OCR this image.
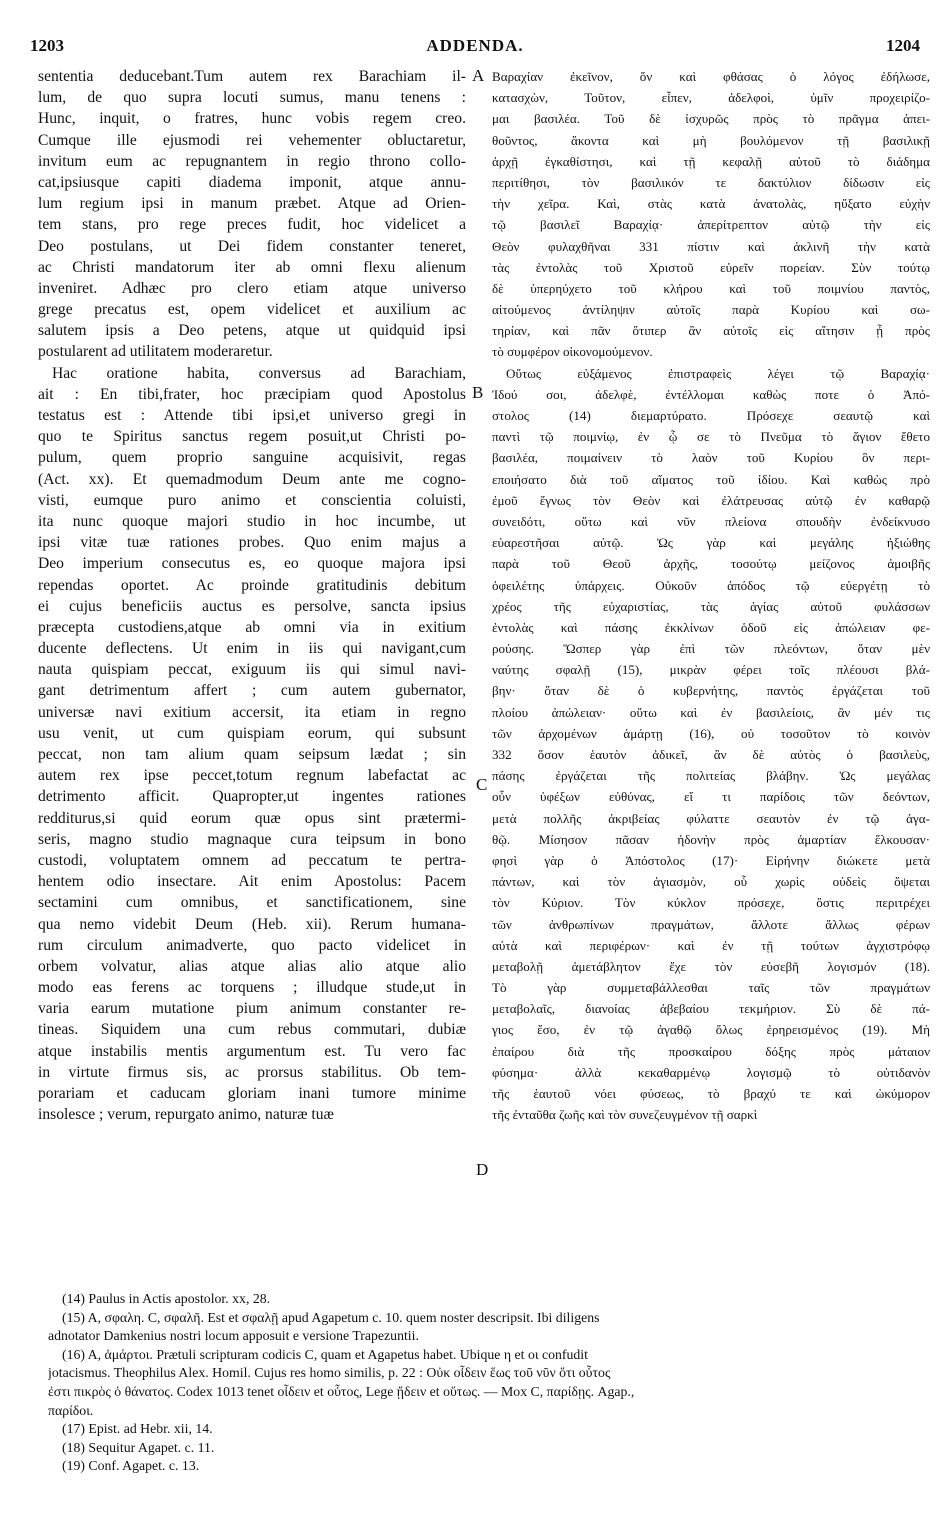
1203	ADDENDA.	1204
sententia deducebant.Tum autem rex Barachiam il-
lum, de quo supra locuti sumus, manu tenens :
Hunc, inquit, o fratres, hunc vobis regem creo.
Cumque ille ejusmodi rei vehementer obluctaretur,
invitum eum ac repugnantem in regio throno collo-
cat,ipsiusque capiti diadema imponit, atque annu-
lum regium ipsi in manum præbet. Atque ad Orien-
tem stans, pro rege preces fudit, hoc videlicet a
Deo postulans, ut Dei fidem constanter teneret,
ac Christi mandatorum iter ab omni flexu alienum
inveniret. Adhæc pro clero etiam atque universo
grege precatus est, opem videlicet et auxilium ac
salutem ipsis a Deo petens, atque ut quidquid ipsi
postularent ad utilitatem moderaretur.
Hac oratione habita, conversus ad Barachiam,
ait : En tibi,frater, hoc præcipiam quod Apostolus
testatus est : Attende tibi ipsi,et universo gregi in
quo te Spiritus sanctus regem posuit,ut Christi po-
pulum, quem proprio sanguine acquisivit, regas
(Act. xx). Et quemadmodum Deum ante me cogno-
visti, eumque puro animo et conscientia coluisti,
ita nunc quoque majori studio in hoc incumbe, ut
ipsi vitæ tuæ rationes probes. Quo enim majus a
Deo imperium consecutus es, eo quoque majora ipsi
rependas oportet. Ac proinde gratitudinis debitum
ei cujus beneficiis auctus es persolve, sancta ipsius
præcepta custodiens,atque ab omni via in exitium
ducente deflectens. Ut enim in iis qui navigant,cum
nauta quispiam peccat, exiguum iis qui simul navi-
gant detrimentum affert ; cum autem gubernator,
universæ navi exitium accersit, ita etiam in regno
usu venit, ut cum quispiam eorum, qui subsunt
peccat, non tam alium quam seipsum lædat ; sin
autem rex ipse peccet,totum regnum labefactat ac
detrimento afficit. Quapropter,ut ingentes rationes
redditurus,si quid eorum quæ opus sint prætermi-
seris, magno studio magnaque cura teipsum in bono
custodi, voluptatem omnem ad peccatum te pertra-
hentem odio insectare. Ait enim Apostolus: Pacem
sectamini cum omnibus, et sanctificationem, sine
qua nemo videbit Deum (Heb. xii). Rerum humana-
rum circulum animadverte, quo pacto videlicet in
orbem volvatur, alias atque alias alio atque alio
modo eas ferens ac torquens ; illudque stude,ut in
varia earum mutatione pium animum constanter re-
tineas. Siquidem una cum rebus commutari, dubiæ
atque instabilis mentis argumentum est. Tu vero fac
in virtute firmus sis, ac prorsus stabilitus. Ob tem-
porariam et caducam gloriam inani tumore minime
insolesce ; verum, repurgato animo, naturæ tuæ
Βαραχίαν ἐκεῖνον, ὅν καὶ φθάσας ὁ λόγος ἐδήλωσε,
κατασχὼν, Τοῦτον, εἶπεν, ἀδελφοὶ, ὑμῖν προχειρίζο-
μαι βασιλέα. Τοῦ δὲ ἰσχυρῶς πρὸς τὸ πρᾶγμα ἀπει-
θοῦντος, ἄκοντα καὶ μὴ βουλόμενον τῇ βασιλικῇ
ἀρχῇ ἐγκαθίστησι, καὶ τῇ κεφαλῇ αὐτοῦ τὸ διάδημα
περιτίθησι, τὸν βασιλικόν τε δακτύλιον δίδωσιν εἰς
τὴν χεῖρα. Καὶ, στὰς κατὰ ἀνατολὰς, ηὔξατο εὐχὴν
τῷ βασιλεῖ Βαραχίᾳ· ἀπερίτρεπτον αὐτῷ τὴν εἰς
Θεὸν φυλαχθῆναι 331 πίστιν καὶ ἀκλινῆ τὴν κατὰ
τὰς ἐντολὰς τοῦ Χριστοῦ εὑρεῖν πορείαν. Σὺν τούτῳ
δὲ ὑπερηύχετο τοῦ κλήρου καὶ τοῦ ποιμνίου παντὸς,
αἰτούμενος ἀντίληψιν αὐτοῖς παρὰ Κυρίου καὶ σω-
τηρίαν, καὶ πᾶν ὅτιπερ ἂν αὐτοῖς εἰς αἴτησιν ᾖ πρὸς
τὸ συμφέρον οἰκονομούμενον.
Οὕτως εὐξάμενος ἐπιστραφεὶς λέγει τῷ Βαραχίᾳ·
Ἰδού σοι, ἀδελφὲ, ἐντέλλομαι καθὼς ποτε ὁ Ἀπό-
στολος (14) διεμαρτύρατο. Πρόσεχε σεαυτῷ καὶ
παντὶ τῷ ποιμνίῳ, ἐν ᾧ σε τὸ Πνεῦμα τὸ ἅγιον ἔθετο
βασιλέα, ποιμαίνειν τὸ λαὸν τοῦ Κυρίου ὃν περι-
εποιήσατο διὰ τοῦ αἵματος τοῦ ἰδίου. Καὶ καθὼς πρὸ
ἐμοῦ ἔγνως τὸν Θεὸν καὶ ἐλάτρευσας αὐτῷ ἐν καθαρῷ
συνειδότι, οὕτω καὶ νῦν πλείονα σπουδὴν ἐνδείκνυσο
εὐαρεστῆσαι αὐτῷ. Ὡς γὰρ καὶ μεγάλης ἠξιώθης
παρὰ τοῦ Θεοῦ ἀρχῆς, τοσούτῳ μείζονος ἀμοιβῆς
ὀφειλέτης ὑπάρχεις. Οὐκοῦν ἀπόδος τῷ εὐεργέτῃ τὸ
χρέος τῆς εὐχαριστίας, τὰς ἁγίας αὐτοῦ φυλάσσων
ἐντολὰς καὶ πάσης ἐκκλίνων ὁδοῦ εἰς ἀπώλειαν φε-
ρούσης. Ὥσπερ γὰρ ἐπὶ τῶν πλεόντων, ὅταν μὲν
ναύτης σφαλῇ (15), μικρὰν φέρει τοῖς πλέουσι βλά-
βην· ὅταν δὲ ὁ κυβερνήτης, παντὸς ἐργάζεται τοῦ
πλοίου ἀπώλειαν· οὕτω καὶ ἐν βασιλείοις, ἂν μέν τις
τῶν ἀρχομένων ἁμάρτῃ (16), οὐ τοσοῦτον τὸ κοινὸν
332 ὅσον ἑαυτὸν ἀδικεῖ, ἂν δὲ αὐτὸς ὁ βασιλεὺς,
πάσης ἐργάζεται τῆς πολιτείας βλάβην. Ὡς μεγάλας
οὖν ὑφέξων εὐθύνας, εἴ τι παρίδοις τῶν δεόντων,
μετὰ πολλῆς ἀκριβείας φύλαττε σεαυτὸν ἐν τῷ ἀγα-
θῷ. Μίσησον πᾶσαν ἡδονὴν πρὸς ἁμαρτίαν ἕλκουσαν·
φησὶ γὰρ ὁ Ἀπόστολος (17)· Εἰρήνην διώκετε μετὰ
πάντων, καὶ τὸν ἁγιασμὸν, οὗ χωρὶς οὐδεὶς ὄψεται
τὸν Κύριον. Τὸν κύκλον πρόσεχε, ὅστις περιτρέχει
τῶν ἀνθρωπίνων πραγμάτων, ἄλλοτε ἄλλως φέρων
αὐτὰ καὶ περιφέρων· καὶ ἐν τῇ τούτων ἀγχιστρόφῳ
μεταβολῇ ἀμετάβλητον ἔχε τὸν εὐσεβῆ λογισμόν (18).
Τὸ γὰρ συμμεταβάλλεσθαι ταῖς τῶν πραγμάτων
μεταβολαῖς, διανοίας ἀβεβαίου τεκμήριον. Σὺ δὲ πά-
γιος ἔσο, ἐν τῷ ἀγαθῷ ὅλως ἐρηρεισμένος (19). Μὴ
ἐπαίρου διὰ τῆς προσκαίρου δόξης πρὸς μάταιον
φύσημα· ἀλλὰ κεκαθαρμένῳ λογισμῷ τὸ οὐτιδανὸν
τῆς ἑαυτοῦ νόει φύσεως, τὸ βραχύ τε καὶ ὠκύμορον
τῆς ἐνταῦθα ζωῆς καὶ τὸν συνεζευγμένον τῇ σαρκὶ
A
B
C
D
(14) Paulus in Actis apostolor. xx, 28.
(15) A, σφαλη. C, σφαλῆ. Est et σφαλῇ apud Agapetum c. 10. quem noster descripsit. Ibi diligens
adnotator Damkenius nostri locum apposuit e versione Trapezuntii.
(16) A, ἁμάρτοι. Prætuli scripturam codicis C, quam et Agapetus habet. Ubique η et οι confudit
jotacismus. Theophilus Alex. Homil. Cujus res homo similis, p. 22 : Οὐκ οἶδειν ἕως τοῦ νῦν ὅτι οὗτος
ἐστι πικρὸς ὁ θάνατος. Codex 1013 tenet οἶδειν et οὗτος, Lege ᾔδειν et οὕτως. — Mox C, παρίδῃς. Agap.,
παρίδοι.
(17) Epist. ad Hebr. xii, 14.
(18) Sequitur Agapet. c. 11.
(19) Conf. Agapet. c. 13.
